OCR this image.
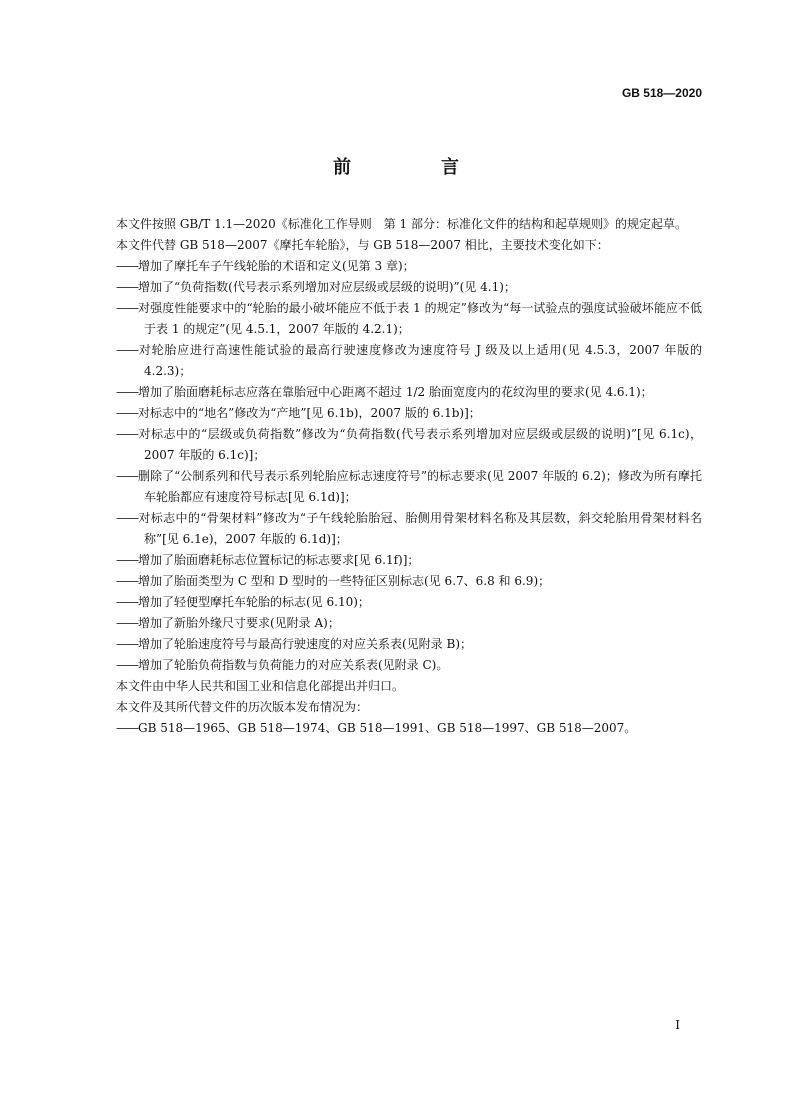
GB 518—2020
前　言
本文件按照 GB/T 1.1—2020《标准化工作导则　第 1 部分：标准化文件的结构和起草规则》的规定起草。
本文件代替 GB 518—2007《摩托车轮胎》，与 GB 518—2007 相比，主要技术变化如下：
——增加了摩托车子午线轮胎的术语和定义(见第 3 章)；
——增加了“负荷指数(代号表示系列增加对应层级或层级的说明)”(见 4.1)；
——对强度性能要求中的“轮胎的最小破坏能应不低于表 1 的规定”修改为“每一试验点的强度试验破坏能应不低于表 1 的规定”(见 4.5.1，2007 年版的 4.2.1)；
——对轮胎应进行高速性能试验的最高行驶速度修改为速度符号 J 级及以上适用(见 4.5.3，2007 年版的 4.2.3)；
——增加了胎面磨耗标志应落在靠胎冠中心距离不超过 1/2 胎面宽度内的花纹沟里的要求(见 4.6.1)；
——对标志中的“地名”修改为“产地”[见 6.1b)，2007 版的 6.1b)]；
——对标志中的“层级或负荷指数”修改为“负荷指数(代号表示系列增加对应层级或层级的说明)”[见 6.1c)，2007 年版的 6.1c)]；
——删除了“公制系列和代号表示系列轮胎应标志速度符号”的标志要求(见 2007 年版的 6.2)；修改为所有摩托车轮胎都应有速度符号标志[见 6.1d)]；
——对标志中的“骨架材料”修改为“子午线轮胎胎冠、胎侧用骨架材料名称及其层数，斜交轮胎用骨架材料名称”[见 6.1e)，2007 年版的 6.1d)]；
——增加了胎面磨耗标志位置标记的标志要求[见 6.1f)]；
——增加了胎面类型为 C 型和 D 型时的一些特征区别标志(见 6.7、6.8 和 6.9)；
——增加了轻便型摩托车轮胎的标志(见 6.10)；
——增加了新胎外缘尺寸要求(见附录 A)；
——增加了轮胎速度符号与最高行驶速度的对应关系表(见附录 B)；
——增加了轮胎负荷指数与负荷能力的对应关系表(见附录 C)。
本文件由中华人民共和国工业和信息化部提出并归口。
本文件及其所代替文件的历次版本发布情况为：
——GB 518—1965、GB 518—1974、GB 518—1991、GB 518—1997、GB 518—2007。
I
